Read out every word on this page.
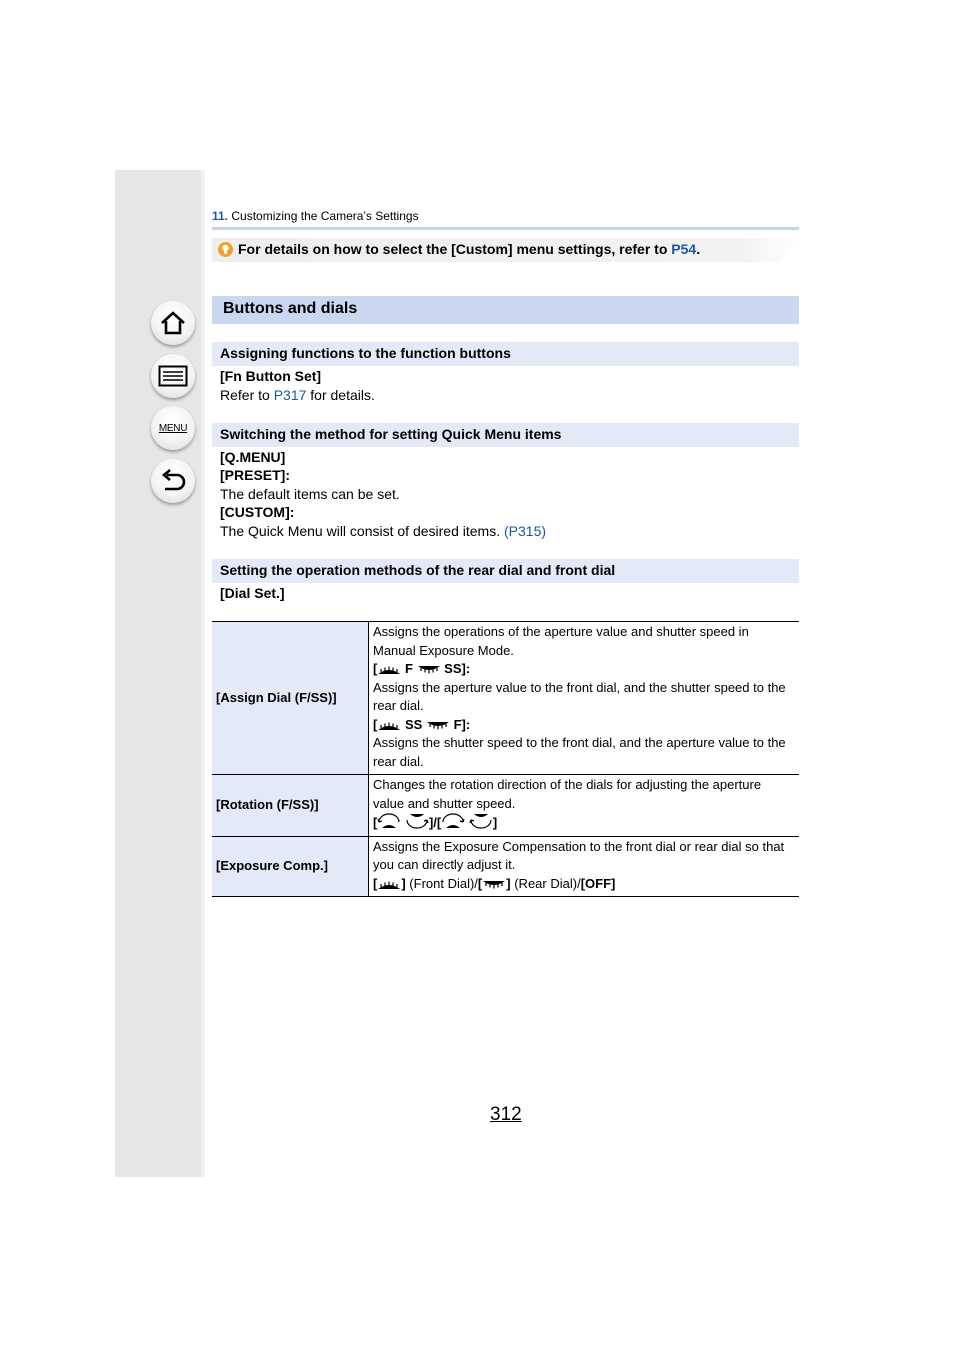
MENU
11. Customizing the Camera’s Settings
For details on how to select the [Custom] menu settings, refer to P54.
Buttons and dials
Assigning functions to the function buttons
[Fn Button Set]
Refer to P317 for details.
Switching the method for setting Quick Menu items
[Q.MENU]
[PRESET]:
The default items can be set.
[CUSTOM]:
The Quick Menu will consist of desired items. (P315)
Setting the operation methods of the rear dial and front dial
[Dial Set.]
[Assign Dial (F/SS)]	Assigns the operations of the aperture value and shutter speed in Manual Exposure Mode.
[ F SS]:
Assigns the aperture value to the front dial, and the shutter speed to the rear dial.
[ SS F]:
Assigns the shutter speed to the front dial, and the aperture value to the rear dial.

[Rotation (F/SS)]	Changes the rotation direction of the dials for adjusting the aperture value and shutter speed.
[ ]/[ ]

[Exposure Comp.]	Assigns the Exposure Compensation to the front dial or rear dial so that you can directly adjust it.
[ ] (Front Dial)/[ ] (Rear Dial)/[OFF]
312
